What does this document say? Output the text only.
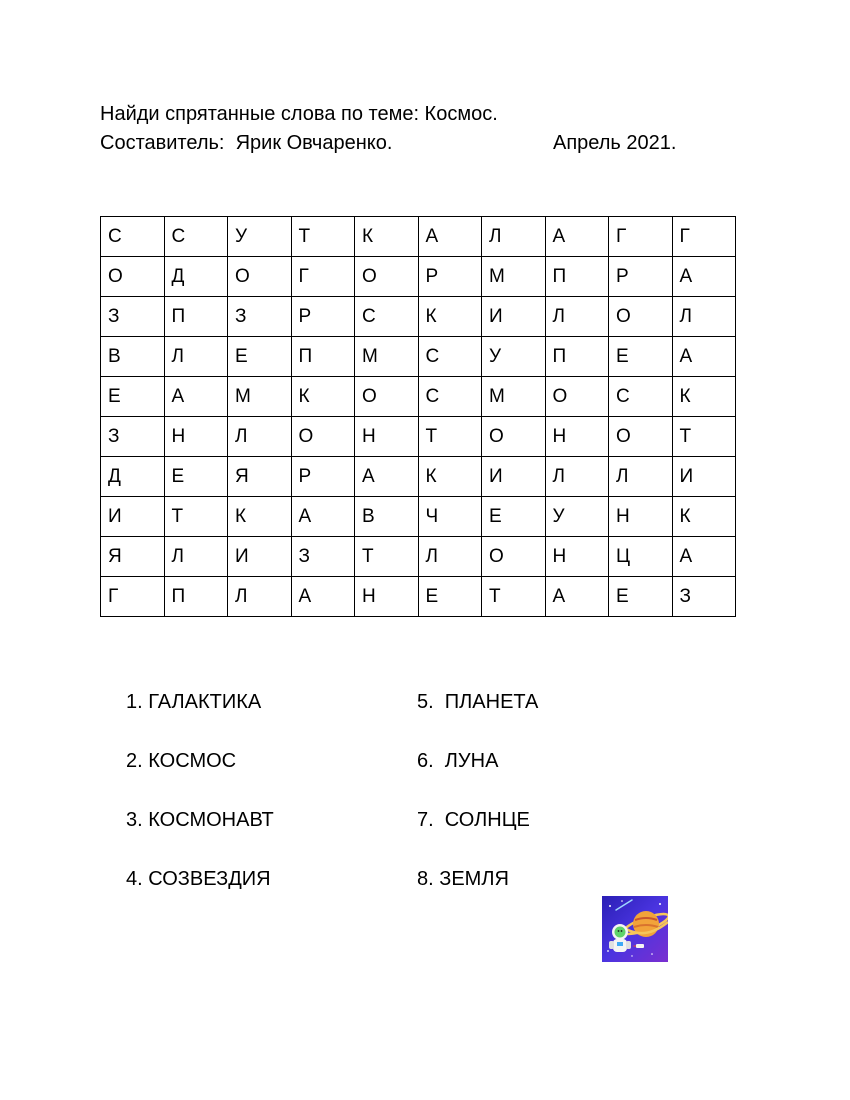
Найди спрятанные слова по теме: Космос.
Составитель:  Ярик Овчаренко.	Апрель 2021.
С	С	У	Т	К	А	Л	А	Г	Г
О	Д	О	Г	О	Р	М	П	Р	А
З	П	З	Р	С	К	И	Л	О	Л
В	Л	Е	П	М	С	У	П	Е	А
Е	А	М	К	О	С	М	О	С	К
З	Н	Л	О	Н	Т	О	Н	О	Т
Д	Е	Я	Р	А	К	И	Л	Л	И
И	Т	К	А	В	Ч	Е	У	Н	К
Я	Л	И	З	Т	Л	О	Н	Ц	А
Г	П	Л	А	Н	Е	Т	А	Е	З
1. ГАЛАКТИКА
2. КОСМОС
3. КОСМОНАВТ
4. СОЗВЕЗДИЯ
5.  ПЛАНЕТА
6.  ЛУНА
7.  СОЛНЦЕ
8. ЗЕМЛЯ
